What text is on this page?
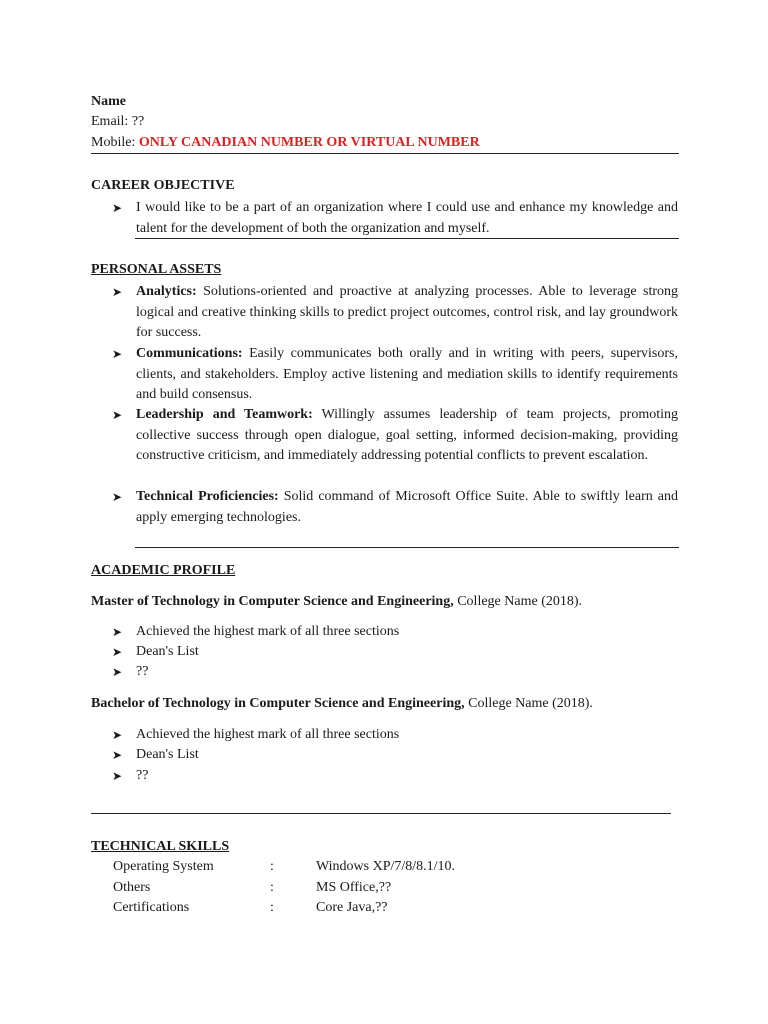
Name
Email: ??
Mobile: ONLY CANADIAN NUMBER OR VIRTUAL NUMBER
CAREER OBJECTIVE
➤ I would like to be a part of an organization where I could use and enhance my knowledge and talent for the development of both the organization and myself.
PERSONAL ASSETS
➤ Analytics: Solutions-oriented and proactive at analyzing processes. Able to leverage strong logical and creative thinking skills to predict project outcomes, control risk, and lay groundwork for success.
➤ Communications: Easily communicates both orally and in writing with peers, supervisors, clients, and stakeholders. Employ active listening and mediation skills to identify requirements and build consensus.
➤ Leadership and Teamwork: Willingly assumes leadership of team projects, promoting collective success through open dialogue, goal setting, informed decision-making, providing constructive criticism, and immediately addressing potential conflicts to prevent escalation.
➤ Technical Proficiencies: Solid command of Microsoft Office Suite. Able to swiftly learn and apply emerging technologies.
ACADEMIC PROFILE
Master of Technology in Computer Science and Engineering, College Name (2018).
➤ Achieved the highest mark of all three sections
➤ Dean's List
➤ ??
Bachelor of Technology in Computer Science and Engineering, College Name (2018).
➤ Achieved the highest mark of all three sections
➤ Dean's List
➤ ??
TECHNICAL SKILLS
Operating System	:	Windows XP/7/8/8.1/10.
Others	:	MS Office,??
Certifications	:	Core Java,??
